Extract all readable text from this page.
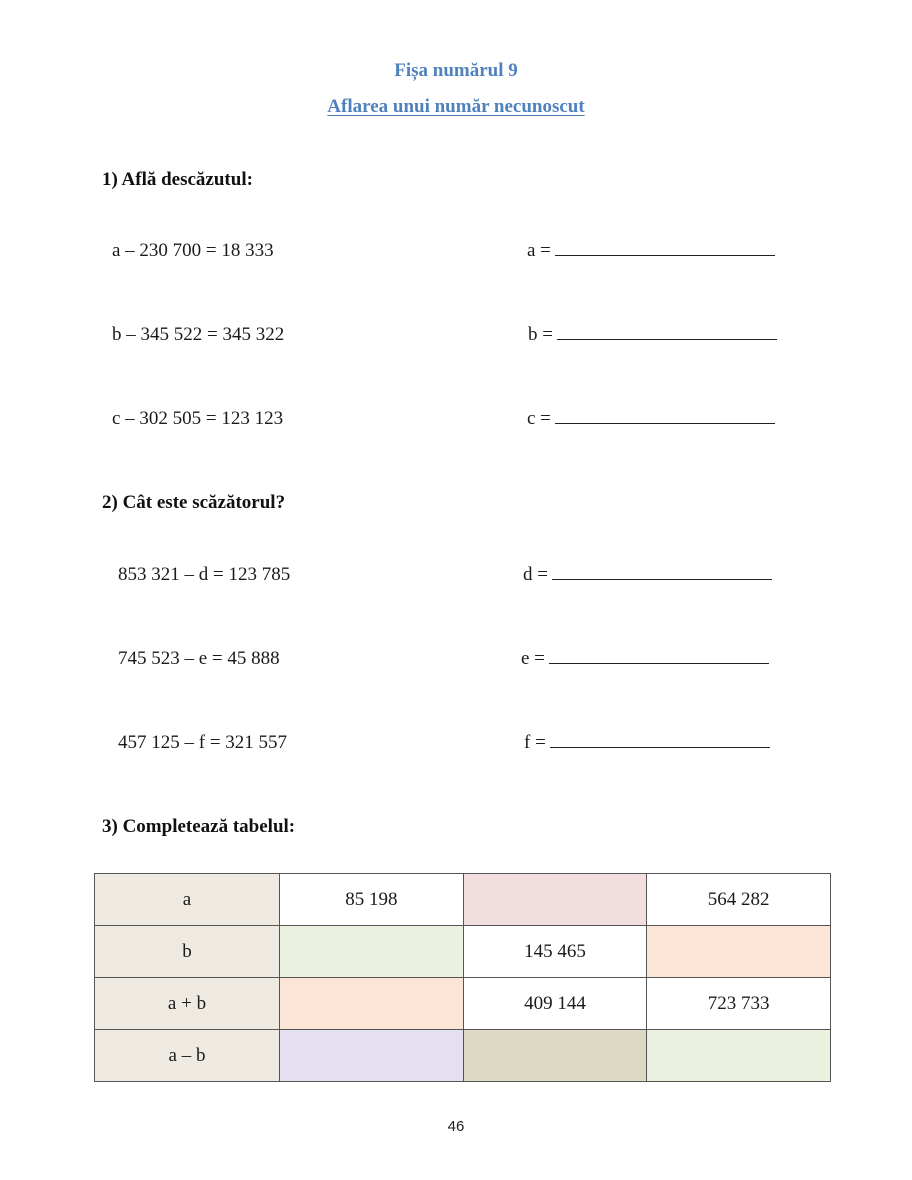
Fișa numărul 9
Aflarea unui număr necunoscut
1) Află descăzutul:
a – 230 700 = 18 333	a =
b – 345 522 = 345 322	b =
c – 302 505 = 123 123	c =
2) Cât este scăzătorul?
853 321 – d = 123 785	d =
745 523 – e = 45 888	e =
457 125 – f = 321 557	f =
3) Completează tabelul:
a	85 198		564 282
b		145 465	
a + b		409 144	723 733
a – b			
46
